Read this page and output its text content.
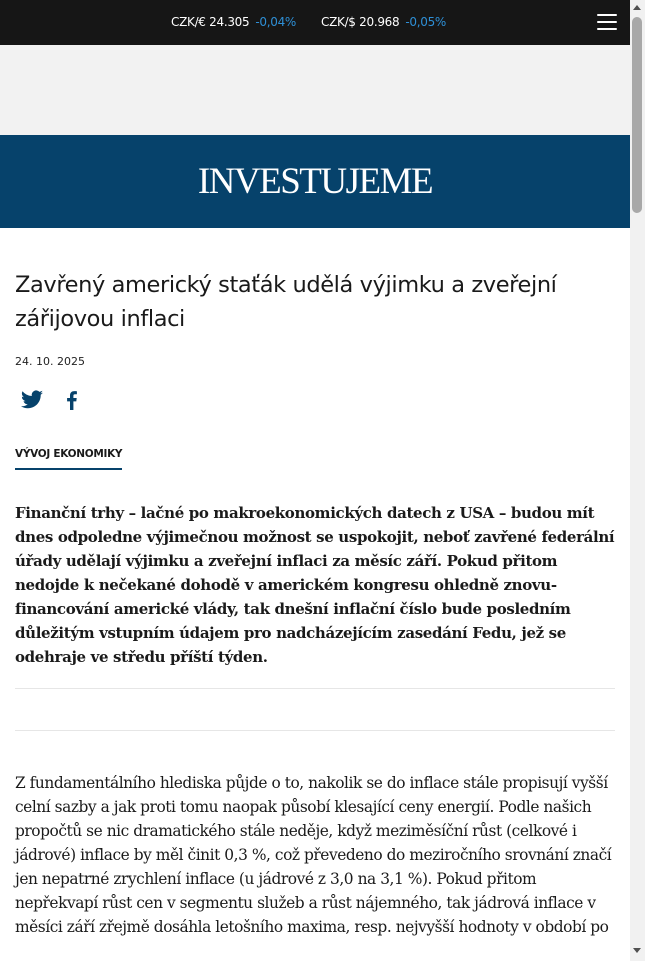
CZK/€ 24.305 -0,04% CZK/$ 20.968 -0,05%
INVESTUJEME
Zavřený americký staťák udělá výjimku a zveřejní zářijovou inflaci
24. 10. 2025
VÝVOJ EKONOMIKY

Finanční trhy – lačné po makroekonomických datech z USA – budou mít dnes odpoledne výjimečnou možnost se uspokojit, neboť zavřené federální úřady udělají výjimku a zveřejní inflaci za měsíc září. Pokud přitom nedojde k nečekané dohodě v americkém kongresu ohledně znovu-financování americké vlády, tak dnešní inflační číslo bude posledním důležitým vstupním údajem pro nadcházejícím zasedání Fedu, jež se odehraje ve středu příští týden.

Z fundamentálního hlediska půjde o to, nakolik se do inflace stále propisují vyšší celní sazby a jak proti tomu naopak působí klesající ceny energií. Podle našich propočtů se nic dramatického stále neděje, když meziměsíční růst (celkové i jádrové) inflace by měl činit 0,3 %, což převedeno do meziročního srovnání značí jen nepatrné zrychlení inflace (u jádrové z 3,0 na 3,1 %). Pokud přitom nepřekvapí růst cen v segmentu služeb a růst nájemného, tak jádrová inflace v měsíci září zřejmě dosáhla letošního maxima, resp. nejvyšší hodnoty v období po
